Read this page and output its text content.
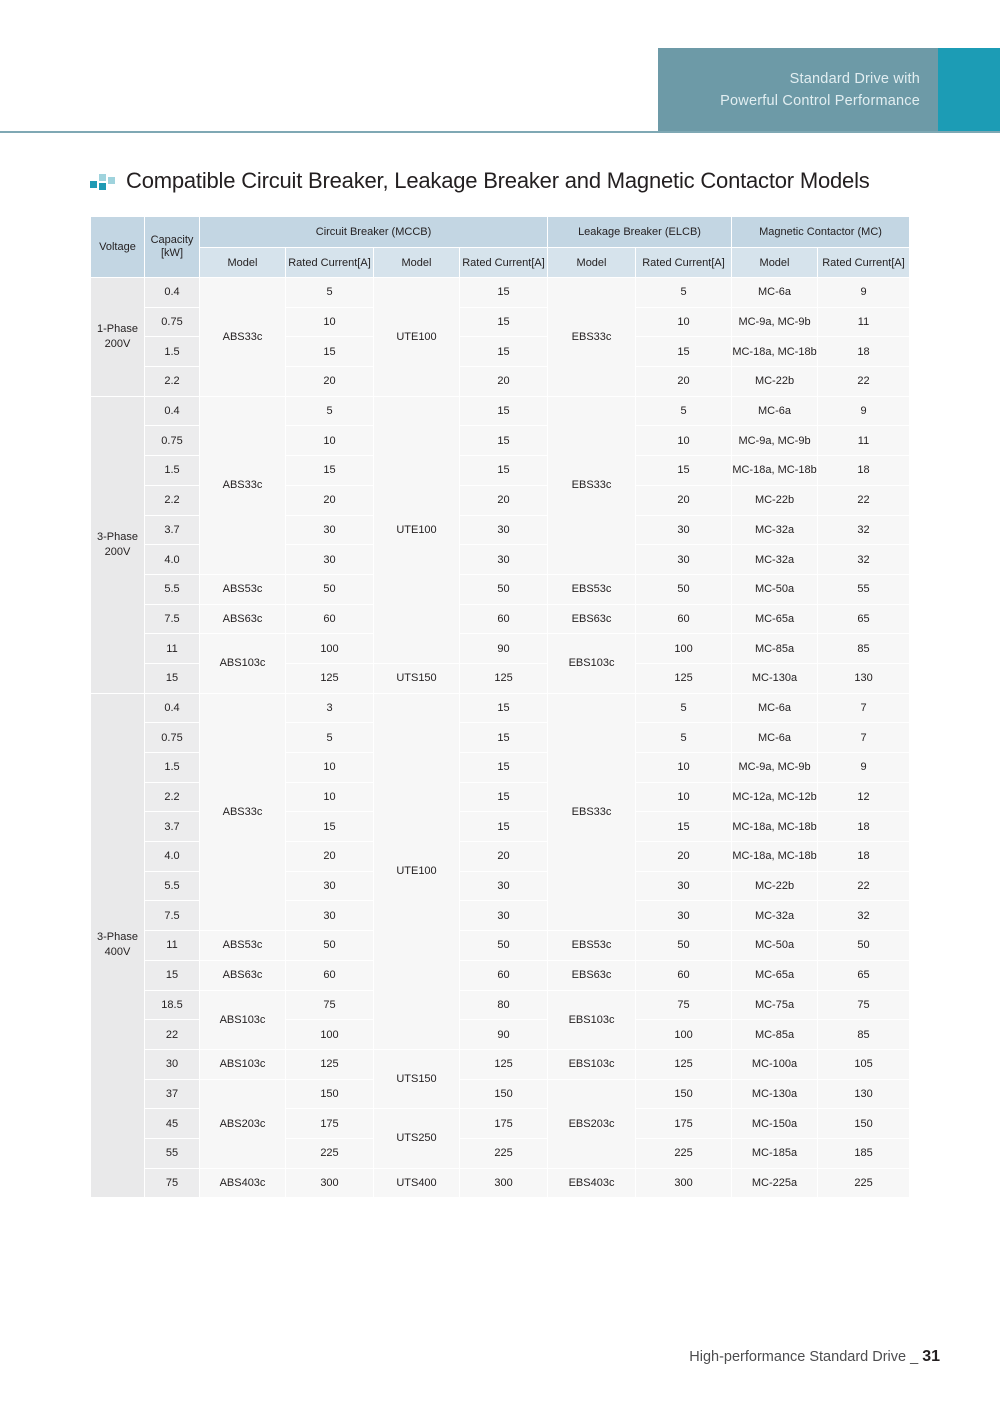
Standard Drive with
Powerful Control Performance
Compatible Circuit Breaker, Leakage Breaker and Magnetic Contactor Models
Voltage	Capacity
[kW]	Circuit Breaker (MCCB)				Leakage Breaker (ELCB)		Magnetic Contactor (MC)	
		Model	Rated Current[A]	Model	Rated Current[A]	Model	Rated Current[A]	Model	Rated Current[A]
1-Phase
200V	0.4	ABS33c	5	UTE100	15	EBS33c	5	MC-6a	9
	0.75		10		15		10	MC-9a, MC-9b	11
	1.5		15		15		15	MC-18a, MC-18b	18
	2.2		20		20		20	MC-22b	22
3-Phase
200V	0.4	ABS33c	5	UTE100	15	EBS33c	5	MC-6a	9
	0.75		10		15		10	MC-9a, MC-9b	11
	1.5		15		15		15	MC-18a, MC-18b	18
	2.2		20		20		20	MC-22b	22
	3.7		30		30		30	MC-32a	32
	4.0		30		30		30	MC-32a	32
	5.5	ABS53c	50		50	EBS53c	50	MC-50a	55
	7.5	ABS63c	60		60	EBS63c	60	MC-65a	65
	11	ABS103c	100		90	EBS103c	100	MC-85a	85
	15		125	UTS150	125		125	MC-130a	130
3-Phase
400V	0.4	ABS33c	3	UTE100	15	EBS33c	5	MC-6a	7
	0.75		5		15		5	MC-6a	7
	1.5		10		15		10	MC-9a, MC-9b	9
	2.2		10		15		10	MC-12a, MC-12b	12
	3.7		15		15		15	MC-18a, MC-18b	18
	4.0		20		20		20	MC-18a, MC-18b	18
	5.5		30		30		30	MC-22b	22
	7.5		30		30		30	MC-32a	32
	11	ABS53c	50		50	EBS53c	50	MC-50a	50
	15	ABS63c	60		60	EBS63c	60	MC-65a	65
	18.5	ABS103c	75		80	EBS103c	75	MC-75a	75
	22		100		90		100	MC-85a	85
	30	ABS103c	125	UTS150	125	EBS103c	125	MC-100a	105
	37	ABS203c	150		150	EBS203c	150	MC-130a	130
	45		175	UTS250	175		175	MC-150a	150
	55		225		225		225	MC-185a	185
	75	ABS403c	300	UTS400	300	EBS403c	300	MC-225a	225
High-performance Standard Drive _ 31
